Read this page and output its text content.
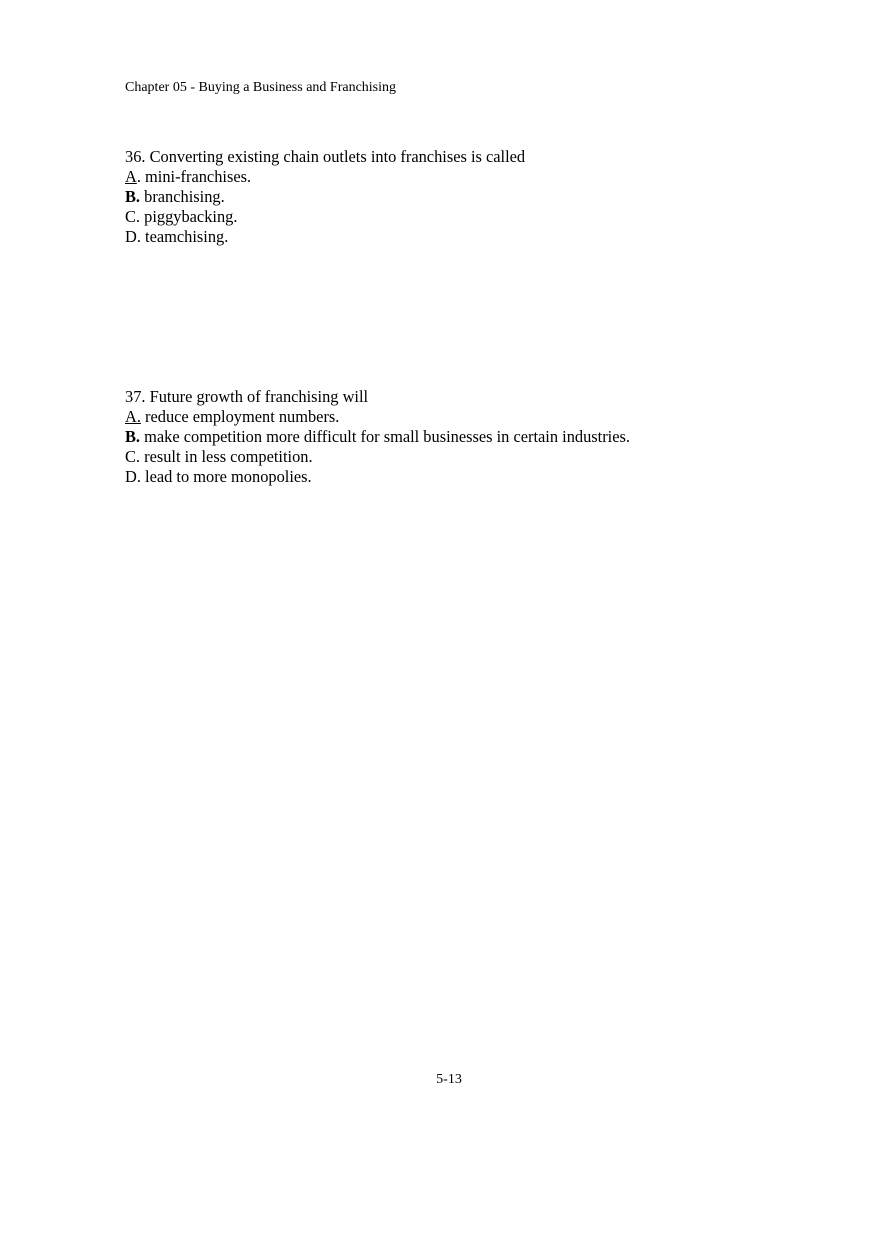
Chapter 05 - Buying a Business and Franchising
36. Converting existing chain outlets into franchises is called
A. mini-franchises.
B. branchising.
C. piggybacking.
D. teamchising.
37. Future growth of franchising will
A. reduce employment numbers.
B. make competition more difficult for small businesses in certain industries.
C. result in less competition.
D. lead to more monopolies.
5-13
